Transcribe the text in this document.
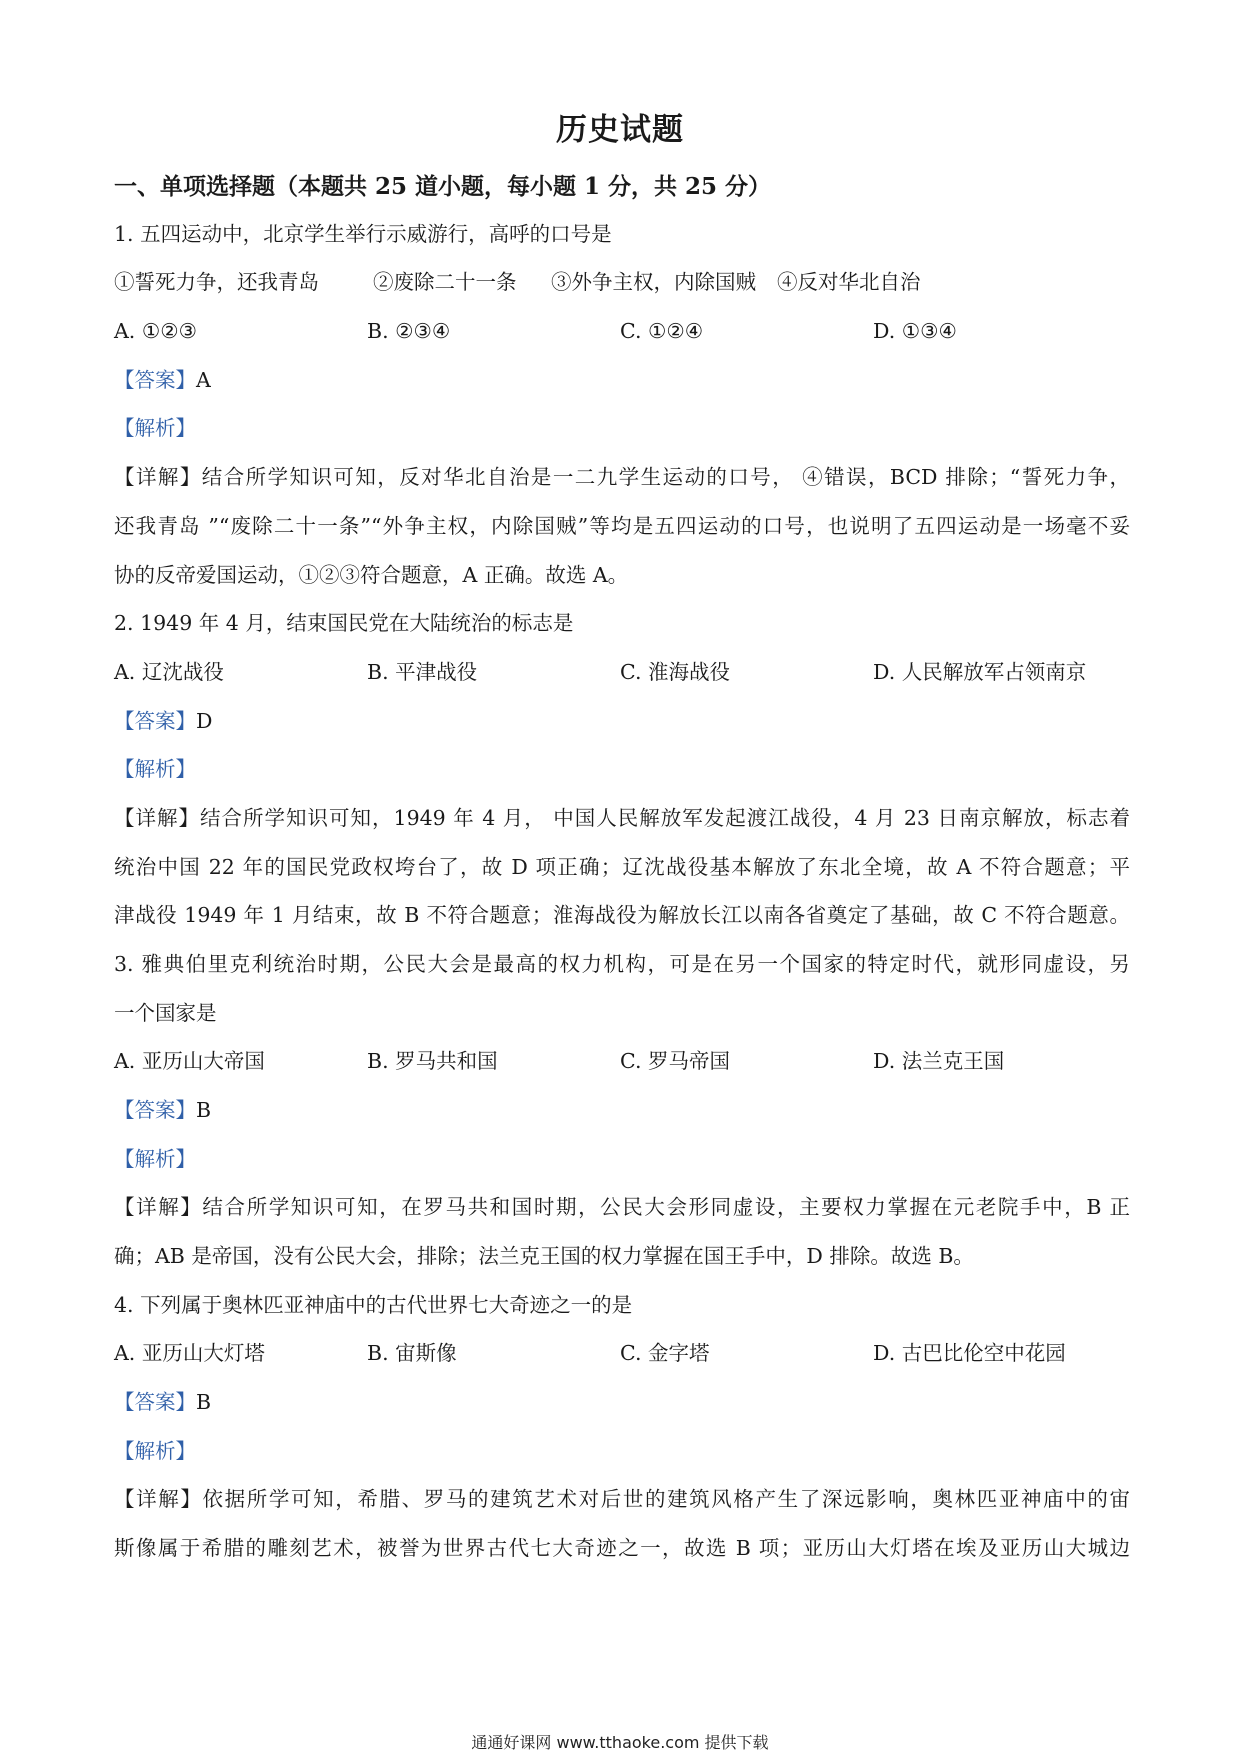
历史试题
一、单项选择题（本题共 25 道小题，每小题 1 分，共 25 分）
1. 五四运动中，北京学生举行示威游行，高呼的口号是
①誓死力争，还我青岛	②废除二十一条 ③外争主权，内除国贼 ④反对华北自治
A. ①②③	B. ②③④	C. ①②④	D. ①③④
【答案】A
【解析】
【详解】结合所学知识可知，反对华北自治是一二九学生运动的口号， ④错误，BCD 排除；“誓死力争，
还我青岛 ”“废除二十一条”“外争主权，内除国贼”等均是五四运动的口号，也说明了五四运动是一场毫不妥
协的反帝爱国运动，①②③符合题意，A 正确。故选 A。
2. 1949 年 4 月，结束国民党在大陆统治的标志是
A. 辽沈战役	B. 平津战役	C. 淮海战役	D. 人民解放军占领南京
【答案】D
【解析】
【详解】结合所学知识可知，1949 年 4 月， 中国人民解放军发起渡江战役，4 月 23 日南京解放，标志着
统治中国 22 年的国民党政权垮台了，故 D 项正确；辽沈战役基本解放了东北全境，故 A 不符合题意；平
津战役 1949 年 1 月结束，故 B 不符合题意；淮海战役为解放长江以南各省奠定了基础，故 C 不符合题意。
3. 雅典伯里克利统治时期，公民大会是最高的权力机构，可是在另一个国家的特定时代，就形同虚设，另
一个国家是
A. 亚历山大帝国	B. 罗马共和国	C. 罗马帝国	D. 法兰克王国
【答案】B
【解析】
【详解】结合所学知识可知，在罗马共和国时期，公民大会形同虚设，主要权力掌握在元老院手中，B 正
确；AB 是帝国，没有公民大会，排除；法兰克王国的权力掌握在国王手中，D 排除。故选 B。
4. 下列属于奥林匹亚神庙中的古代世界七大奇迹之一的是
A. 亚历山大灯塔	B. 宙斯像	C. 金字塔	D. 古巴比伦空中花园
【答案】B
【解析】
【详解】依据所学可知，希腊、罗马的建筑艺术对后世的建筑风格产生了深远影响，奥林匹亚神庙中的宙
斯像属于希腊的雕刻艺术，被誉为世界古代七大奇迹之一，故选 B 项；亚历山大灯塔在埃及亚历山大城边
通通好课网 www.tthaoke.com 提供下载
